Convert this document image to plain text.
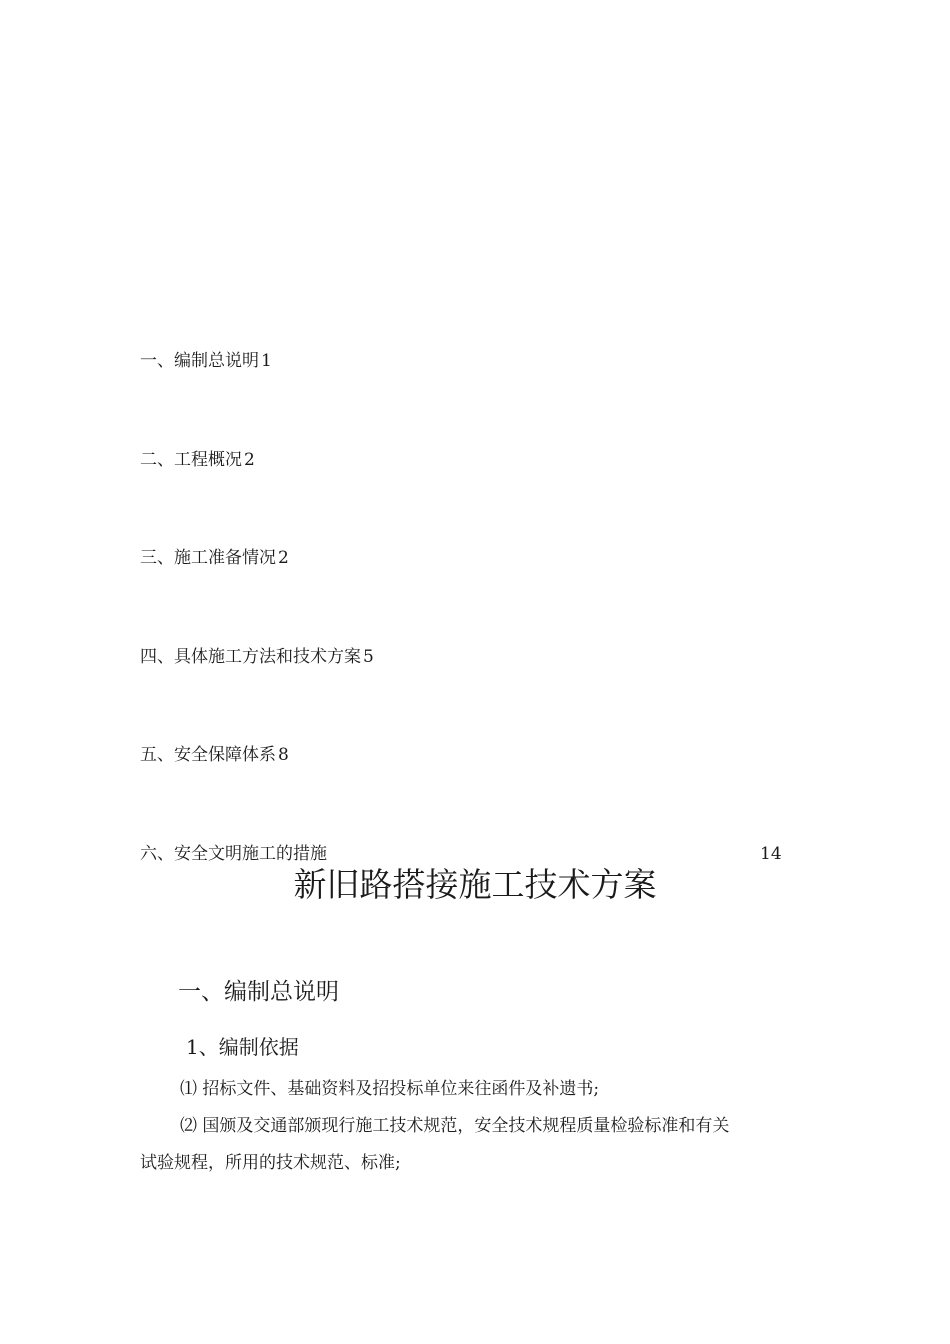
一、编制总说明 1
二、工程概况 2
三、施工准备情况 2
四、具体施工方法和技术方案 5
五、安全保障体系 8
六、安全文明施工的措施	14
新旧路搭接施工技术方案
一、编制总说明
1、编制依据
⑴ 招标文件、基础资料及招投标单位来往函件及补遗书;
⑵ 国颁及交通部颁现行施工技术规范，安全技术规程质量检验标准和有关
试验规程，所用的技术规范、标准;
